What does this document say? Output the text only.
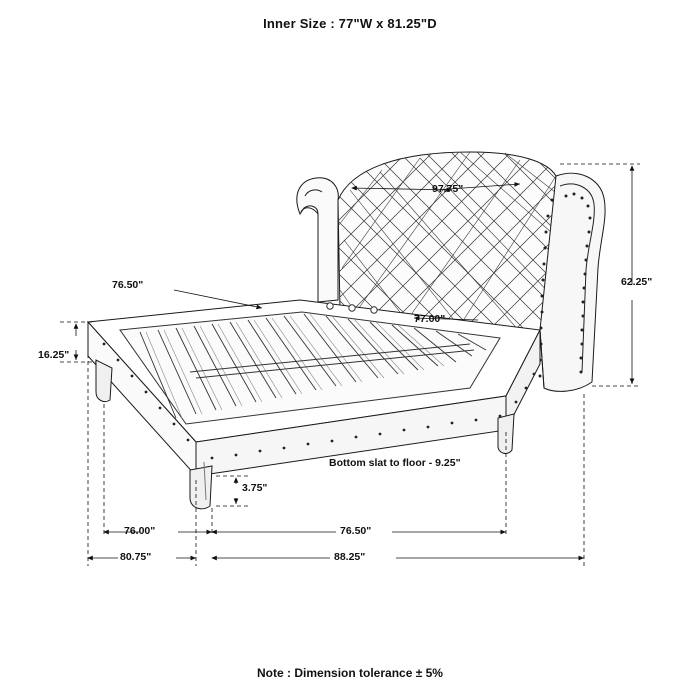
Inner Size : 77"W x 81.25"D
97.75"
62.25"
76.50"
77.00"
16.25"
3.75"
Bottom slat to floor - 9.25"
76.00"	76.50"
80.75"	88.25"
Note : Dimension tolerance ± 5%
